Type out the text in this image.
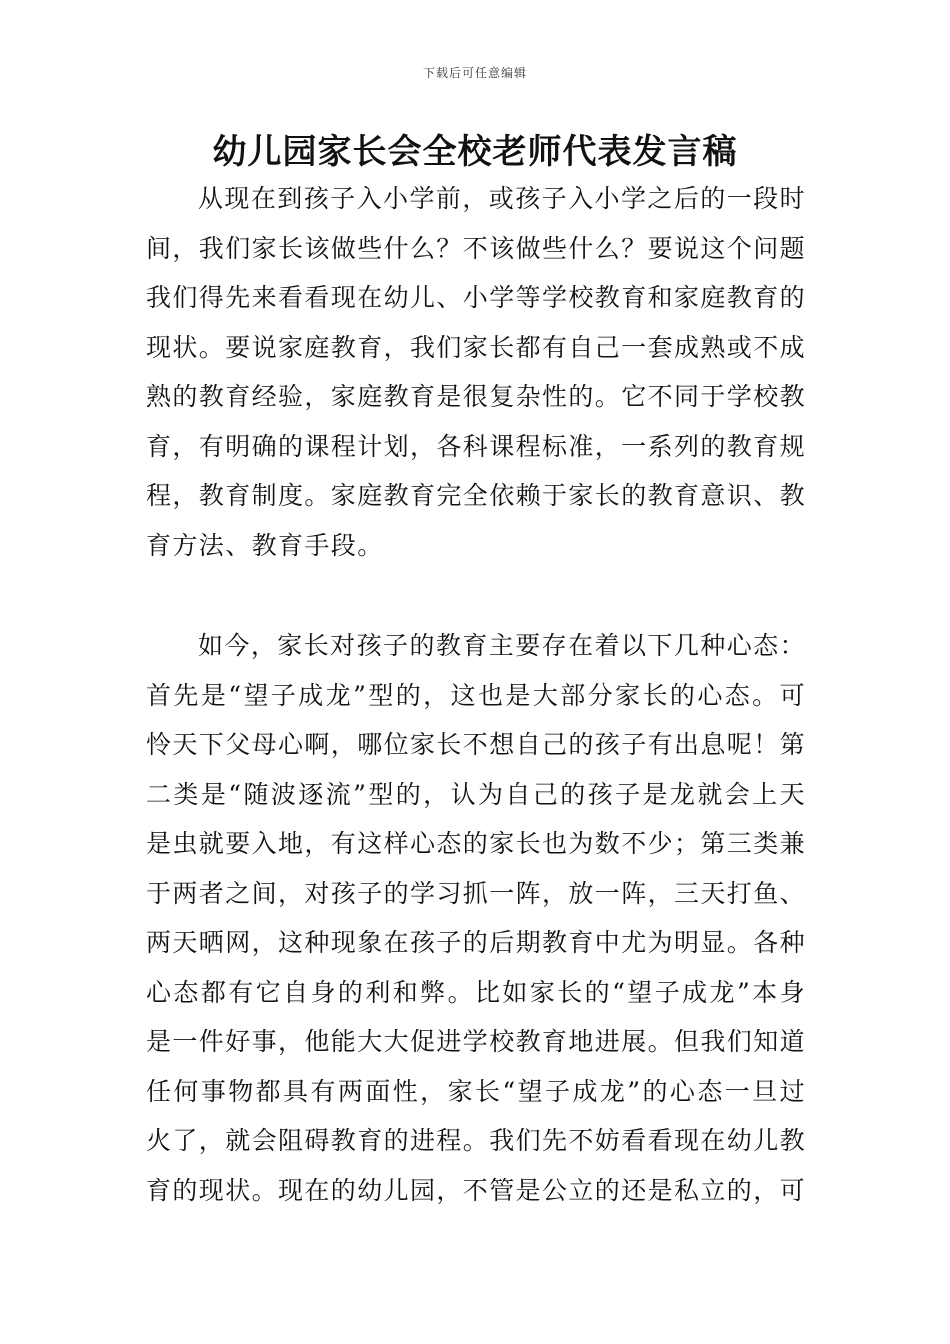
下载后可任意编辑
幼儿园家长会全校老师代表发言稿

从现在到孩子入小学前，或孩子入小学之后的一段时间，我们家长该做些什么？不该做些什么？要说这个问题我们得先来看看现在幼儿、小学等学校教育和家庭教育的现状。要说家庭教育，我们家长都有自己一套成熟或不成熟的教育经验，家庭教育是很复杂性的。它不同于学校教育，有明确的课程计划，各科课程标准，一系列的教育规程，教育制度。家庭教育完全依赖于家长的教育意识、教育方法、教育手段。

如今，家长对孩子的教育主要存在着以下几种心态：首先是“望子成龙”型的，这也是大部分家长的心态。可怜天下父母心啊，哪位家长不想自己的孩子有出息呢！第二类是“随波逐流”型的，认为自己的孩子是龙就会上天是虫就要入地，有这样心态的家长也为数不少；第三类兼于两者之间，对孩子的学习抓一阵，放一阵，三天打鱼、两天晒网，这种现象在孩子的后期教育中尤为明显。各种心态都有它自身的利和弊。比如家长的“望子成龙”本身是一件好事，他能大大促进学校教育地进展。但我们知道任何事物都具有两面性，家长“望子成龙”的心态一旦过火了，就会阻碍教育的进程。我们先不妨看看现在幼儿教育的现状。现在的幼儿园，不管是公立的还是私立的，可
